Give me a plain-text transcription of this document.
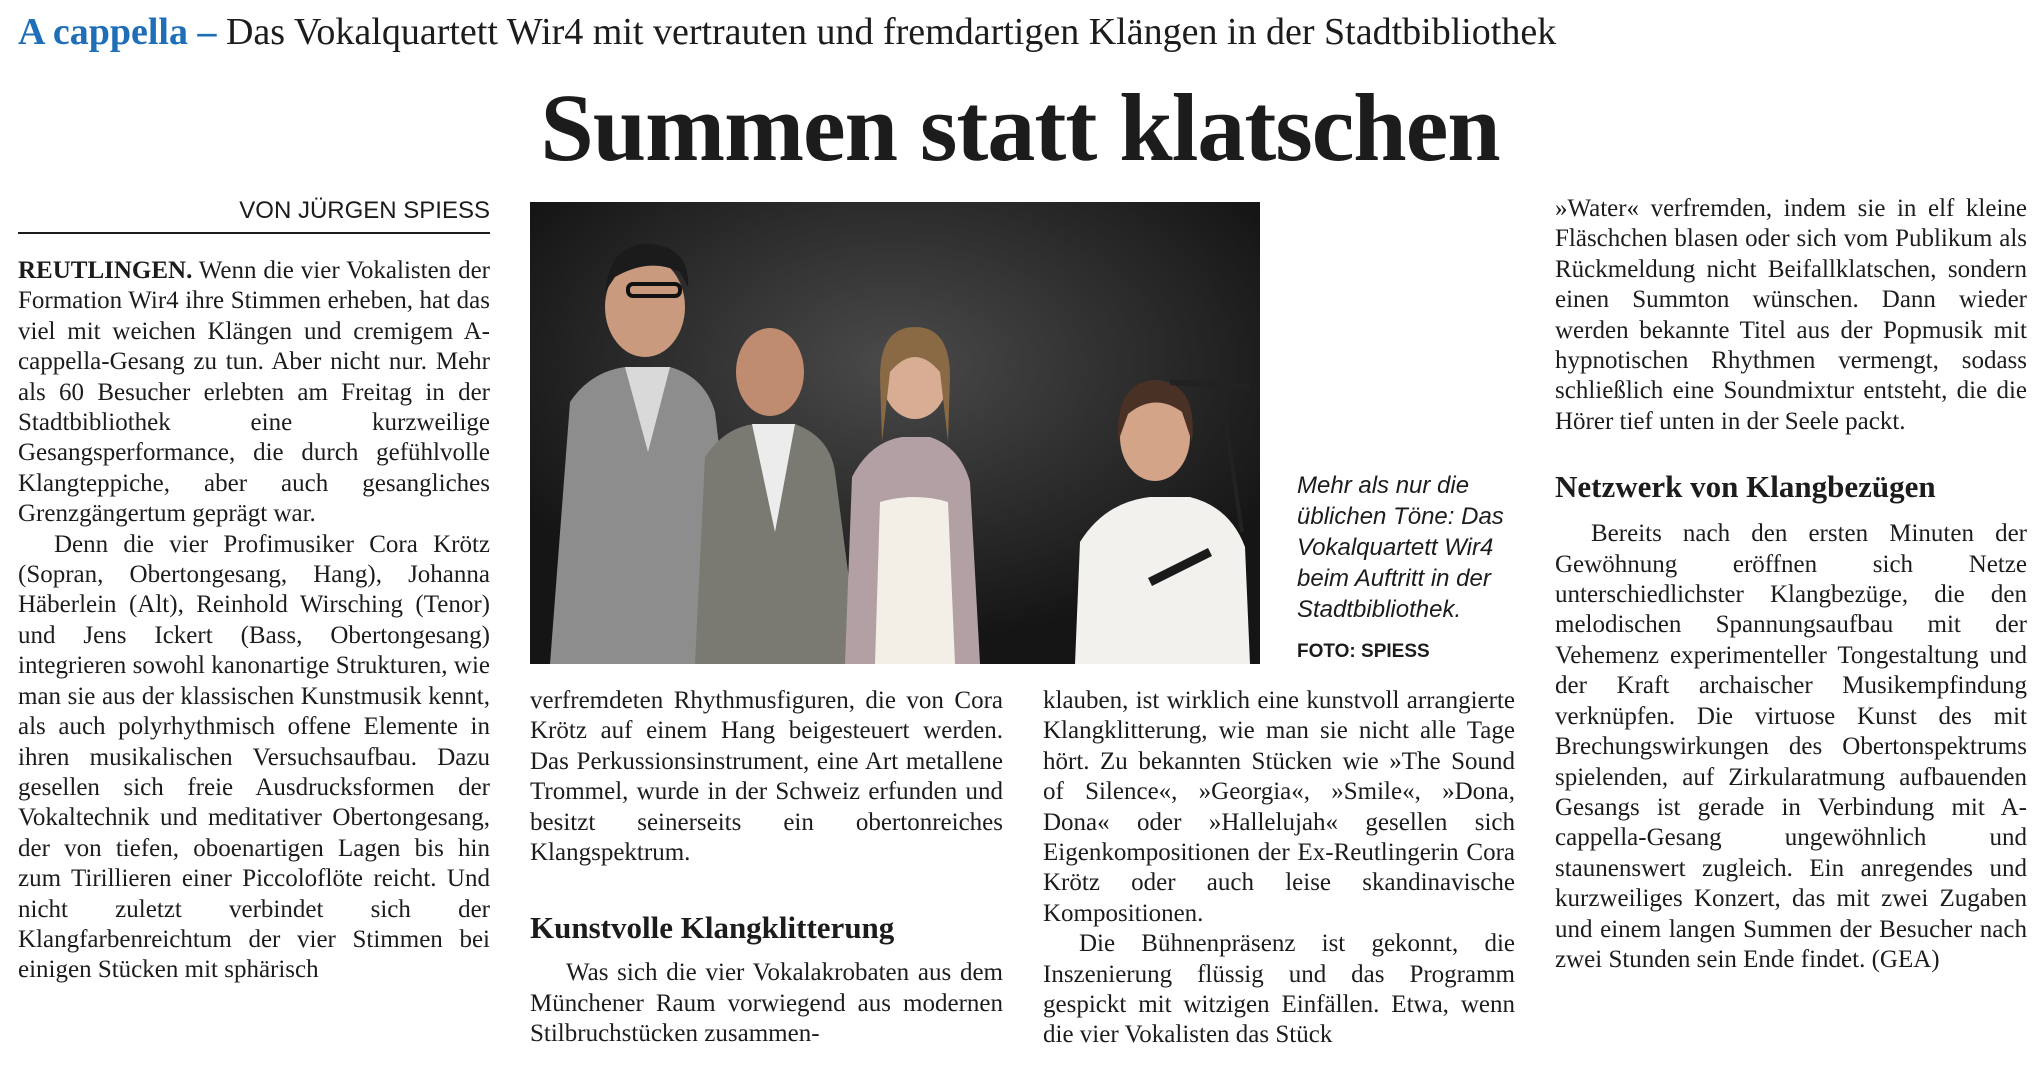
A cappella – Das Vokalquartett Wir4 mit vertrauten und fremdartigen Klängen in der Stadtbibliothek
Summen statt klatschen
VON JÜRGEN SPIESS

REUTLINGEN. Wenn die vier Vokalisten der Formation Wir4 ihre Stimmen erheben, hat das viel mit weichen Klängen und cremigem A-cappella-Gesang zu tun. Aber nicht nur. Mehr als 60 Besucher erlebten am Freitag in der Stadtbibliothek eine kurzweilige Gesangsperformance, die durch gefühlvolle Klangteppiche, aber auch gesangliches Grenzgängertum geprägt war.

Denn die vier Profimusiker Cora Krötz (Sopran, Obertongesang, Hang), Johanna Häberlein (Alt), Reinhold Wirsching (Tenor) und Jens Ickert (Bass, Obertongesang) integrieren sowohl kanonartige Strukturen, wie man sie aus der klassischen Kunstmusik kennt, als auch polyrhythmisch offene Elemente in ihren musikalischen Versuchsaufbau. Dazu gesellen sich freie Ausdrucksformen der Vokaltechnik und meditativer Obertongesang, der von tiefen, oboenartigen Lagen bis hin zum Tirillieren einer Piccoloflöte reicht. Und nicht zuletzt verbindet sich der Klangfarbenreichtum der vier Stimmen bei einigen Stücken mit sphärisch

Mehr als nur die üblichen Töne: Das Vokalquartett Wir4 beim Auftritt in der Stadtbibliothek.
FOTO: SPIESS

verfremdeten Rhythmusfiguren, die von Cora Krötz auf einem Hang beigesteuert werden. Das Perkussionsinstrument, eine Art metallene Trommel, wurde in der Schweiz erfunden und besitzt seinerseits ein obertonreiches Klangspektrum.

Kunstvolle Klangklitterung

Was sich die vier Vokalakrobaten aus dem Münchener Raum vorwiegend aus modernen Stilbruchstücken zusammen-

klauben, ist wirklich eine kunstvoll arrangierte Klangklitterung, wie man sie nicht alle Tage hört. Zu bekannten Stücken wie »The Sound of Silence«, »Georgia«, »Smile«, »Dona, Dona« oder »Hallelujah« gesellen sich Eigenkompositionen der Ex-Reutlingerin Cora Krötz oder auch leise skandinavische Kompositionen.

Die Bühnenpräsenz ist gekonnt, die Inszenierung flüssig und das Programm gespickt mit witzigen Einfällen. Etwa, wenn die vier Vokalisten das Stück

»Water« verfremden, indem sie in elf kleine Fläschchen blasen oder sich vom Publikum als Rückmeldung nicht Beifallklatschen, sondern einen Summton wünschen. Dann wieder werden bekannte Titel aus der Popmusik mit hypnotischen Rhythmen vermengt, sodass schließlich eine Soundmixtur entsteht, die die Hörer tief unten in der Seele packt.

Netzwerk von Klangbezügen

Bereits nach den ersten Minuten der Gewöhnung eröffnen sich Netze unterschiedlichster Klangbezüge, die den melodischen Spannungsaufbau mit der Vehemenz experimenteller Tongestaltung und der Kraft archaischer Musikempfindung verknüpfen. Die virtuose Kunst des mit Brechungswirkungen des Obertonspektrums spielenden, auf Zirkularatmung aufbauenden Gesangs ist gerade in Verbindung mit A-cappella-Gesang ungewöhnlich und staunenswert zugleich. Ein anregendes und kurzweiliges Konzert, das mit zwei Zugaben und einem langen Summen der Besucher nach zwei Stunden sein Ende findet. (GEA)
